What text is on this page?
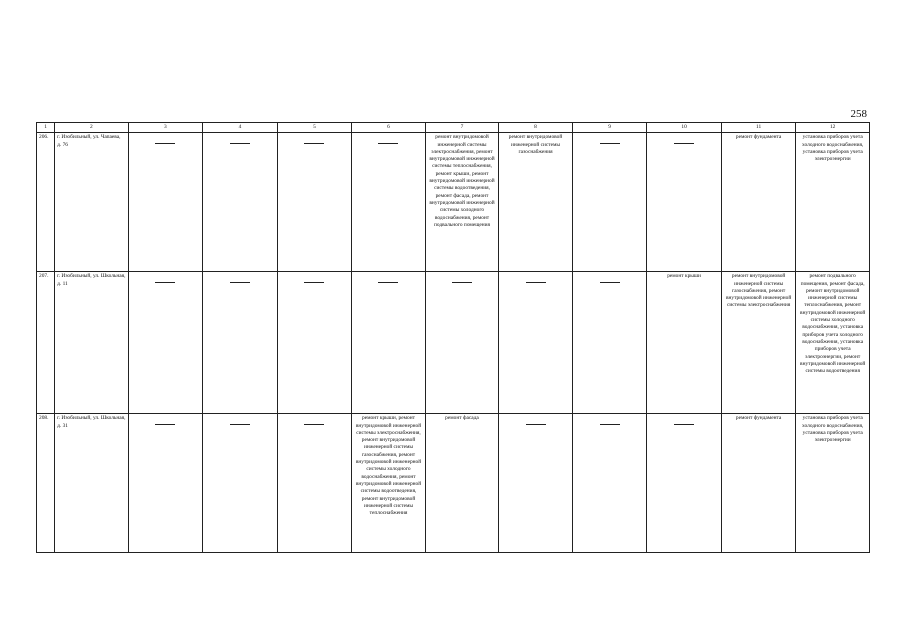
258
1	2	3	4	5	6	7	8	9	10	11	12
206.	г. Изобильный, ул. Чапаева, д. 76					ремонт внутридомовой инженерной системы электроснабжения, ремонт внутридомовой инженерной системы теплоснабжения, ремонт крыши, ремонт внутридомовой инженерной системы водоотведения, ремонт фасада, ремонт внутридомовой инженерной системы холодного водоснабжения, ремонт подвального помещения	ремонт внутридомовой инженерной системы газоснабжения			ремонт фундамента	установка приборов учета холодного водоснабжения, установка приборов учета электроэнергии
207.	г. Изобильный, ул. Школьная, д. 11								ремонт крыши	ремонт внутридомовой инженерной системы газоснабжения, ремонт внутридомовой инженерной системы электроснабжения	ремонт подвального помещения, ремонт фасада, ремонт внутридомовой инженерной системы теплоснабжения, ремонт внутридомовой инженерной системы холодного водоснабжения, установка приборов учета холодного водоснабжения, установка приборов учета электроэнергии, ремонт внутридомовой инженерной системы водоотведения
208.	г. Изобильный, ул. Школьная, д. 31				ремонт крыши, ремонт внутридомовой инженерной системы электроснабжения, ремонт внутридомовой инженерной системы газоснабжения, ремонт внутридомовой инженерной системы холодного водоснабжения, ремонт внутридомовой инженерной системы водоотведения, ремонт внутридомовой инженерной системы теплоснабжения	ремонт фасада				ремонт фундамента	установка приборов учета холодного водоснабжения, установка приборов учета электроэнергии
